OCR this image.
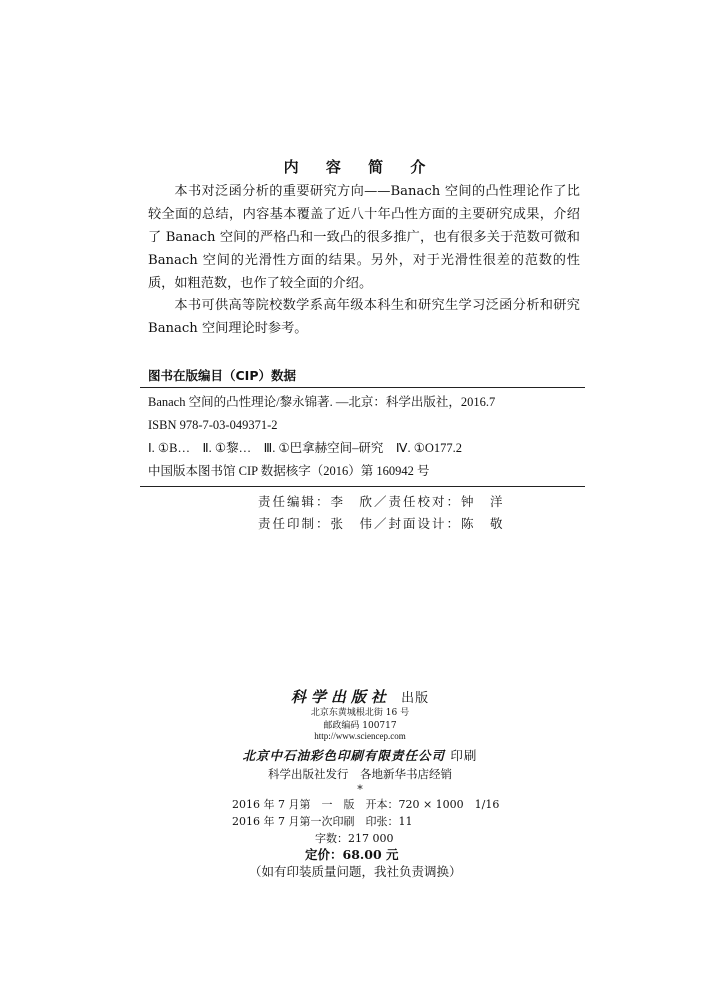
内 容 简 介
本书对泛函分析的重要研究方向——Banach 空间的凸性理论作了比较全面的总结，内容基本覆盖了近八十年凸性方面的主要研究成果，介绍了 Banach 空间的严格凸和一致凸的很多推广，也有很多关于范数可微和 Banach 空间的光滑性方面的结果。另外，对于光滑性很差的范数的性质，如粗范数，也作了较全面的介绍。
本书可供高等院校数学系高年级本科生和研究生学习泛函分析和研究 Banach 空间理论时参考。
图书在版编目（CIP）数据
Banach 空间的凸性理论/黎永锦著. —北京：科学出版社，2016.7
ISBN 978-7-03-049371-2
Ⅰ. ①B…　Ⅱ. ①黎…　Ⅲ. ①巴拿赫空间–研究　Ⅳ. ①O177.2
中国版本图书馆 CIP 数据核字（2016）第 160942 号
责任编辑：李　欣／责任校对：钟　洋
责任印制：张　伟／封面设计：陈　敬
科学出版社 出版
北京东黄城根北街 16 号
邮政编码 100717
http://www.sciencep.com
北京中石油彩色印刷有限责任公司 印刷
科学出版社发行　各地新华书店经销
*
2016 年 7 月第　一　版　开本：720 × 1000　1/16
2016 年 7 月第一次印刷　印张：11
字数：217 000
定价：68.00 元
（如有印装质量问题，我社负责调换）
